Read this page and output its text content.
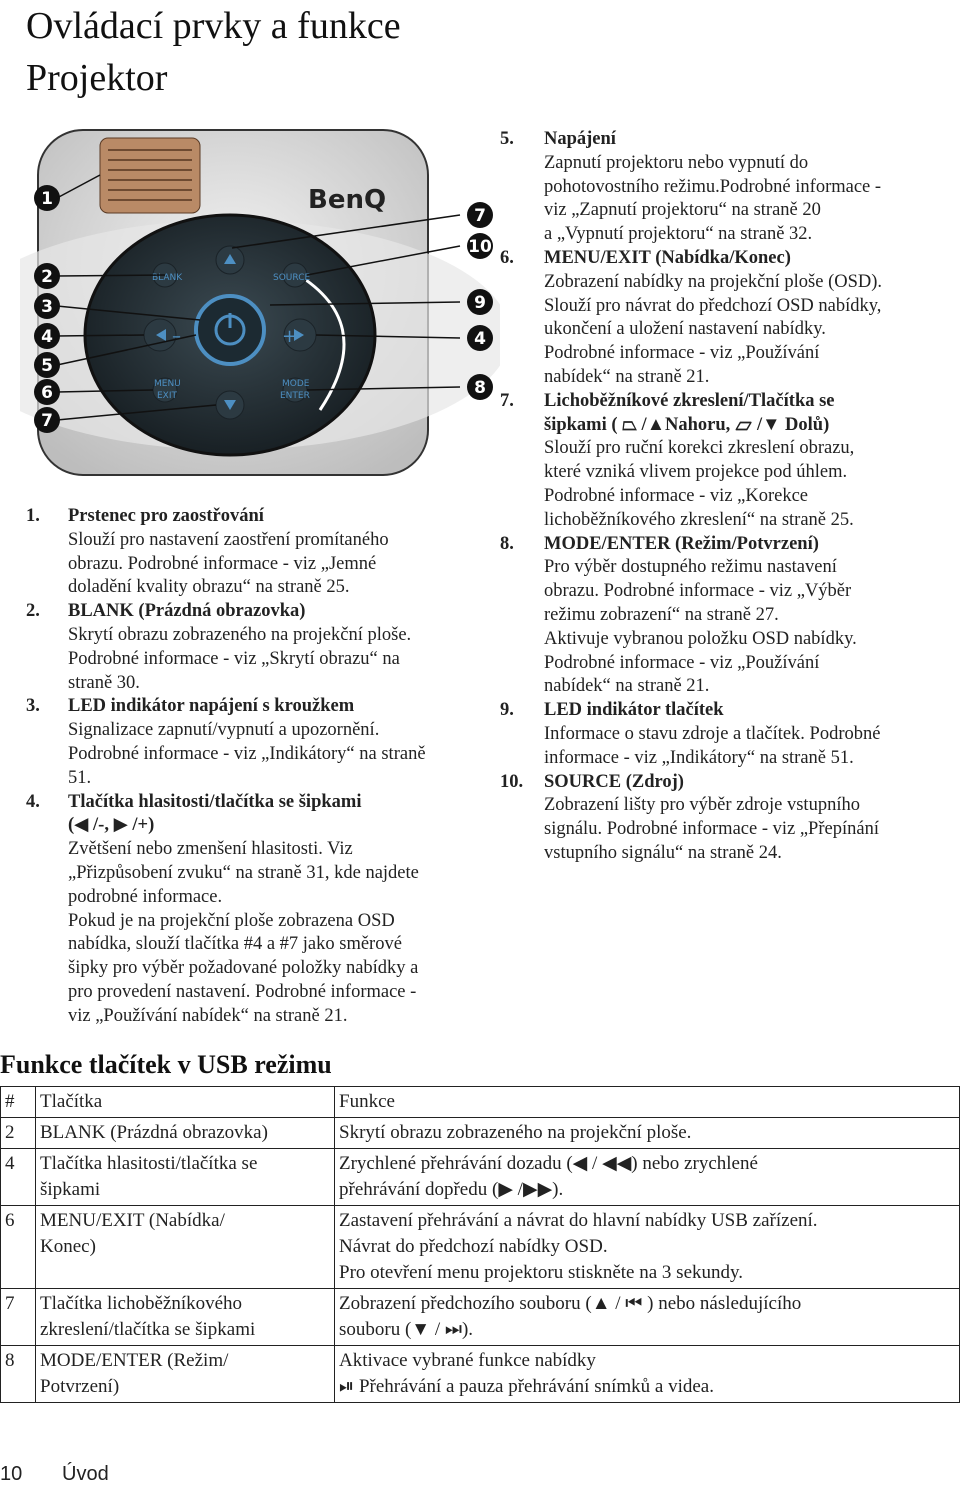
Ovládací prvky a funkce
Projektor
BenQ
BLANK	SOURCE
MENU
EXIT
MODE
ENTER
–	+
1
2
3
4
5
6
7
7
10
9
4
8
1.	Prstenec pro zaostřování
Slouží pro nastavení zaostření promítaného
obrazu. Podrobné informace - viz „Jemné
doladění kvality obrazu“ na straně 25.
2.	BLANK (Prázdná obrazovka)
Skrytí obrazu zobrazeného na projekční ploše.
Podrobné informace - viz „Skrytí obrazu“ na
straně 30.
3.	LED indikátor napájení s kroužkem
Signalizace zapnutí/vypnutí a upozornění.
Podrobné informace - viz „Indikátory“ na straně
51.
4.	Tlačítka hlasitosti/tlačítka se šipkami
(◀ /-, ▶ /+)
Zvětšení nebo zmenšení hlasitosti. Viz
„Přizpůsobení zvuku“ na straně 31, kde najdete
podrobné informace.
Pokud je na projekční ploše zobrazena OSD
nabídka, slouží tlačítka #4 a #7 jako směrové
šipky pro výběr požadované položky nabídky a
pro provedení nastavení. Podrobné informace -
viz „Používání nabídek“ na straně 21.
5.	Napájení
Zapnutí projektoru nebo vypnutí do
pohotovostního režimu.Podrobné informace -
viz „Zapnutí projektoru“ na straně 20
a „Vypnutí projektoru“ na straně 32.
6.	MENU/EXIT (Nabídka/Konec)
Zobrazení nabídky na projekční ploše (OSD).
Slouží pro návrat do předchozí OSD nabídky,
ukončení a uložení nastavení nabídky.
Podrobné informace - viz „Používání
nabídek“ na straně 21.
7.	Lichoběžníkové zkreslení/Tlačítka se
šipkami ( ⏢ /▲Nahoru, ⏥ /▼ Dolů)
Slouží pro ruční korekci zkreslení obrazu,
které vzniká vlivem projekce pod úhlem.
Podrobné informace - viz „Korekce
lichoběžníkového zkreslení“ na straně 25.
8.	MODE/ENTER (Režim/Potvrzení)
Pro výběr dostupného režimu nastavení
obrazu. Podrobné informace - viz „Výběr
režimu zobrazení“ na straně 27.
Aktivuje vybranou položku OSD nabídky.
Podrobné informace - viz „Používání
nabídek“ na straně 21.
9.	LED indikátor tlačítek
Informace o stavu zdroje a tlačítek. Podrobné
informace - viz „Indikátory“ na straně 51.
10.	SOURCE (Zdroj)
Zobrazení lišty pro výběr zdroje vstupního
signálu. Podrobné informace - viz „Přepínání
vstupního signálu“ na straně 24.
Funkce tlačítek v USB režimu
#	Tlačítka	Funkce
2	BLANK (Prázdná obrazovka)	Skrytí obrazu zobrazeného na projekční ploše.

4	Tlačítka hlasitosti/tlačítka se
šipkami	Zrychlené přehrávání dozadu (◀ / ◀◀) nebo zrychlené
přehrávání dopředu (▶ /▶▶).

6	MENU/EXIT (Nabídka/
Konec)	Zastavení přehrávání a návrat do hlavní nabídky USB zařízení.
Návrat do předchozí nabídky OSD.
Pro otevření menu projektoru stiskněte na 3 sekundy.

7	Tlačítka lichoběžníkového
zkreslení/tlačítka se šipkami	Zobrazení předchozího souboru (▲ / ⏮ ) nebo následujícího
souboru (▼ / ⏭).

8	MODE/ENTER (Režim/
Potvrzení)	Aktivace vybrané funkce nabídky
⏯ Přehrávání a pauza přehrávání snímků a videa.
10 Úvod
